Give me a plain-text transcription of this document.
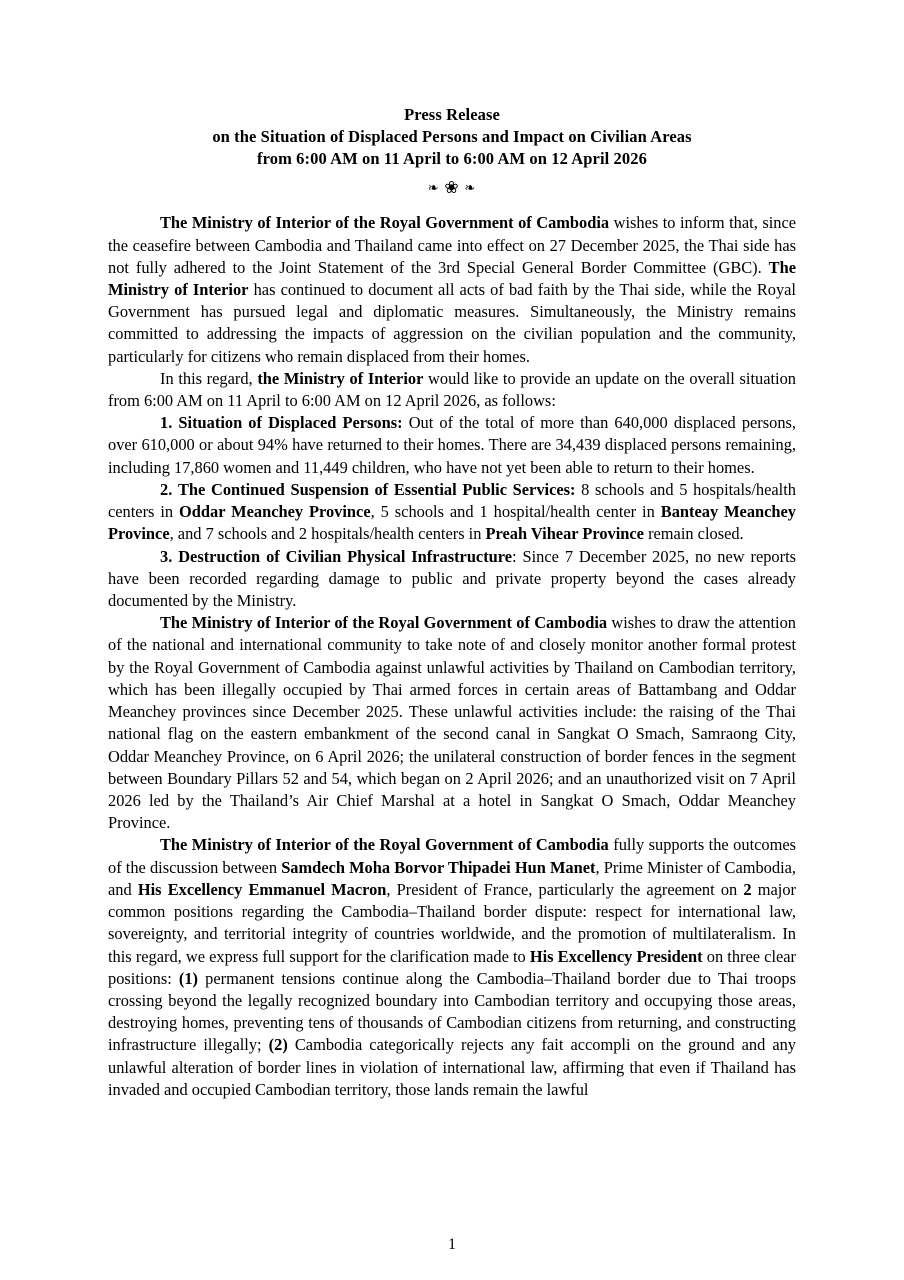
Press Release
on the Situation of Displaced Persons and Impact on Civilian Areas
from 6:00 AM on 11 April to 6:00 AM on 12 April 2026
❧ ❀ ❧

The Ministry of Interior of the Royal Government of Cambodia wishes to inform that, since the ceasefire between Cambodia and Thailand came into effect on 27 December 2025, the Thai side has not fully adhered to the Joint Statement of the 3rd Special General Border Committee (GBC). The Ministry of Interior has continued to document all acts of bad faith by the Thai side, while the Royal Government has pursued legal and diplomatic measures. Simultaneously, the Ministry remains committed to addressing the impacts of aggression on the civilian population and the community, particularly for citizens who remain displaced from their homes.

In this regard, the Ministry of Interior would like to provide an update on the overall situation from 6:00 AM on 11 April to 6:00 AM on 12 April 2026, as follows:

1. Situation of Displaced Persons: Out of the total of more than 640,000 displaced persons, over 610,000 or about 94% have returned to their homes. There are 34,439 displaced persons remaining, including 17,860 women and 11,449 children, who have not yet been able to return to their homes.

2. The Continued Suspension of Essential Public Services: 8 schools and 5 hospitals/health centers in Oddar Meanchey Province, 5 schools and 1 hospital/health center in Banteay Meanchey Province, and 7 schools and 2 hospitals/health centers in Preah Vihear Province remain closed.

3. Destruction of Civilian Physical Infrastructure: Since 7 December 2025, no new reports have been recorded regarding damage to public and private property beyond the cases already documented by the Ministry.

The Ministry of Interior of the Royal Government of Cambodia wishes to draw the attention of the national and international community to take note of and closely monitor another formal protest by the Royal Government of Cambodia against unlawful activities by Thailand on Cambodian territory, which has been illegally occupied by Thai armed forces in certain areas of Battambang and Oddar Meanchey provinces since December 2025. These unlawful activities include: the raising of the Thai national flag on the eastern embankment of the second canal in Sangkat O Smach, Samraong City, Oddar Meanchey Province, on 6 April 2026; the unilateral construction of border fences in the segment between Boundary Pillars 52 and 54, which began on 2 April 2026; and an unauthorized visit on 7 April 2026 led by the Thailand’s Air Chief Marshal at a hotel in Sangkat O Smach, Oddar Meanchey Province.

The Ministry of Interior of the Royal Government of Cambodia fully supports the outcomes of the discussion between Samdech Moha Borvor Thipadei Hun Manet, Prime Minister of Cambodia, and His Excellency Emmanuel Macron, President of France, particularly the agreement on 2 major common positions regarding the Cambodia–Thailand border dispute: respect for international law, sovereignty, and territorial integrity of countries worldwide, and the promotion of multilateralism. In this regard, we express full support for the clarification made to His Excellency President on three clear positions: (1) permanent tensions continue along the Cambodia–Thailand border due to Thai troops crossing beyond the legally recognized boundary into Cambodian territory and occupying those areas, destroying homes, preventing tens of thousands of Cambodian citizens from returning, and constructing infrastructure illegally; (2) Cambodia categorically rejects any fait accompli on the ground and any unlawful alteration of border lines in violation of international law, affirming that even if Thailand has invaded and occupied Cambodian territory, those lands remain the lawful

1
